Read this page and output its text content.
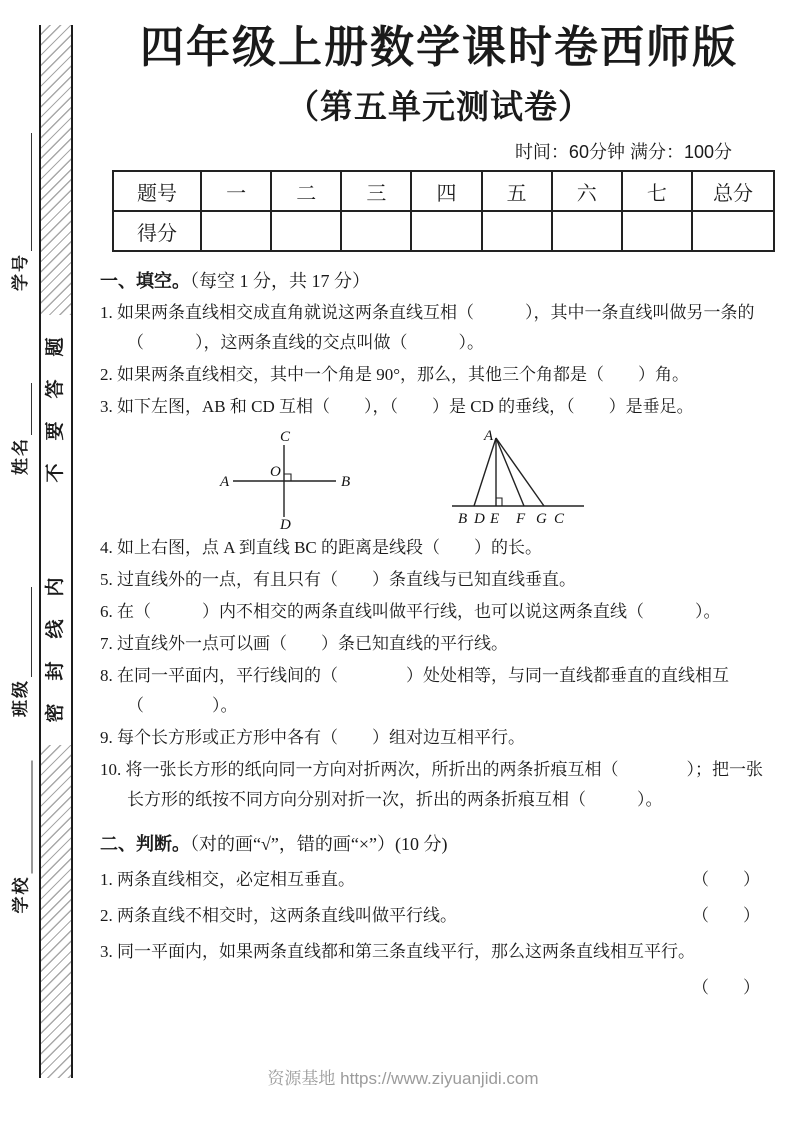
题
答
要
不
内
线
封
密
学号
姓名
班级
学校
四年级上册数学课时卷西师版
（第五单元测试卷）
时间：60分钟 满分：100分
题号	一	二	三	四	五	六	七	总分
得分								
一、填空。（每空 1 分，共 17 分）
1. 如果两条直线相交成直角就说这两条直线互相（　　　），其中一条直线叫做另一条的（　　　），这两条直线的交点叫做（　　　）。
2. 如果两条直线相交，其中一个角是 90°，那么，其他三个角都是（　　）角。
3. 如下左图，AB 和 CD 互相（　　），（　　）是 CD 的垂线，（　　）是垂足。
A	B
C
D
O
A
B D E F G C
4. 如上右图，点 A 到直线 BC 的距离是线段（　　）的长。
5. 过直线外的一点，有且只有（　　）条直线与已知直线垂直。
6. 在（　　　）内不相交的两条直线叫做平行线，也可以说这两条直线（　　　）。
7. 过直线外一点可以画（　　）条已知直线的平行线。
8. 在同一平面内，平行线间的（　　　　）处处相等，与同一直线都垂直的直线相互（　　　　）。
9. 每个长方形或正方形中各有（　　）组对边互相平行。
10. 将一张长方形的纸向同一方向对折两次，所折出的两条折痕互相（　　　　）；把一张长方形的纸按不同方向分别对折一次，折出的两条折痕互相（　　　）。
二、判断。（对的画“√”，错的画“×”）(10 分)
1. 两条直线相交，必定相互垂直。	（　　）
2. 两条直线不相交时，这两条直线叫做平行线。	（　　）
3. 同一平面内，如果两条直线都和第三条直线平行，那么这两条直线相互平行。
（　　）
资源基地 https://www.ziyuanjidi.com
